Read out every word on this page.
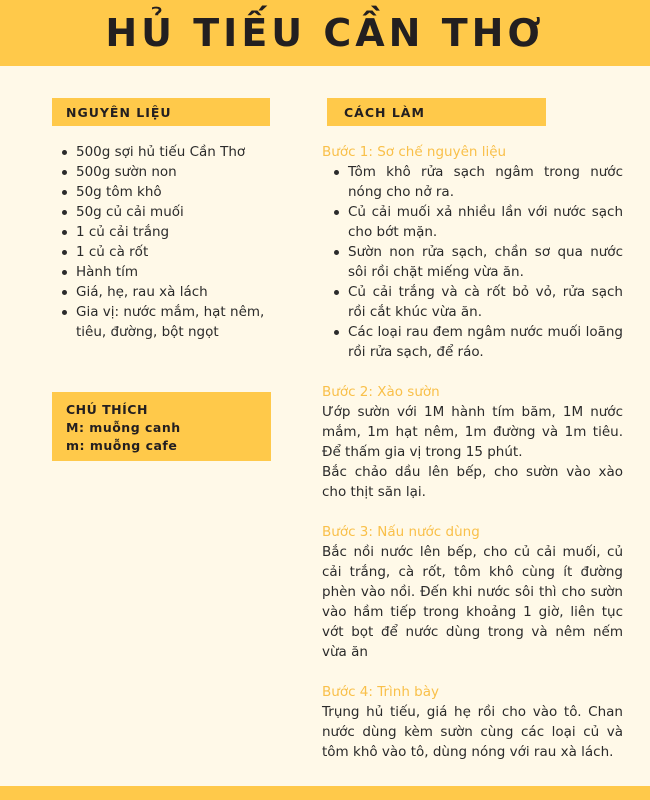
HỦ TIẾU CẦN THƠ
NGUYÊN LIỆU
500g sợi hủ tiếu Cần Thơ
500g sườn non
50g tôm khô
50g củ cải muối
1 củ cải trắng
1 củ cà rốt
Hành tím
Giá, hẹ, rau xà lách
Gia vị: nước mắm, hạt nêm, tiêu, đường, bột ngọt
CHÚ THÍCH
M: muỗng canh
m: muỗng cafe
CÁCH LÀM
Bước 1: Sơ chế nguyên liệu
Tôm khô rửa sạch ngâm trong nước nóng cho nở ra.
Củ cải muối xả nhiều lần với nước sạch cho bớt mặn.
Sườn non rửa sạch, chần sơ qua nước sôi rồi chặt miếng vừa ăn.
Củ cải trắng và cà rốt bỏ vỏ, rửa sạch rồi cắt khúc vừa ăn.
Các loại rau đem ngâm nước muối loãng rồi rửa sạch, để ráo.
Bước 2: Xào sườn

Ướp sườn với 1M hành tím băm, 1M nước mắm, 1m hạt nêm, 1m đường và 1m tiêu. Để thấm gia vị trong 15 phút.

Bắc chảo dầu lên bếp, cho sườn vào xào cho thịt săn lại.

Bước 3: Nấu nước dùng

Bắc nồi nước lên bếp, cho củ cải muối, củ cải trắng, cà rốt, tôm khô cùng ít đường phèn vào nồi. Đến khi nước sôi thì cho sườn vào hầm tiếp trong khoảng 1 giờ, liên tục vớt bọt để nước dùng trong và nêm nếm vừa ăn

Bước 4: Trình bày

Trụng hủ tiếu, giá hẹ rồi cho vào tô. Chan nước dùng kèm sườn cùng các loại củ và tôm khô vào tô, dùng nóng với rau xà lách.
